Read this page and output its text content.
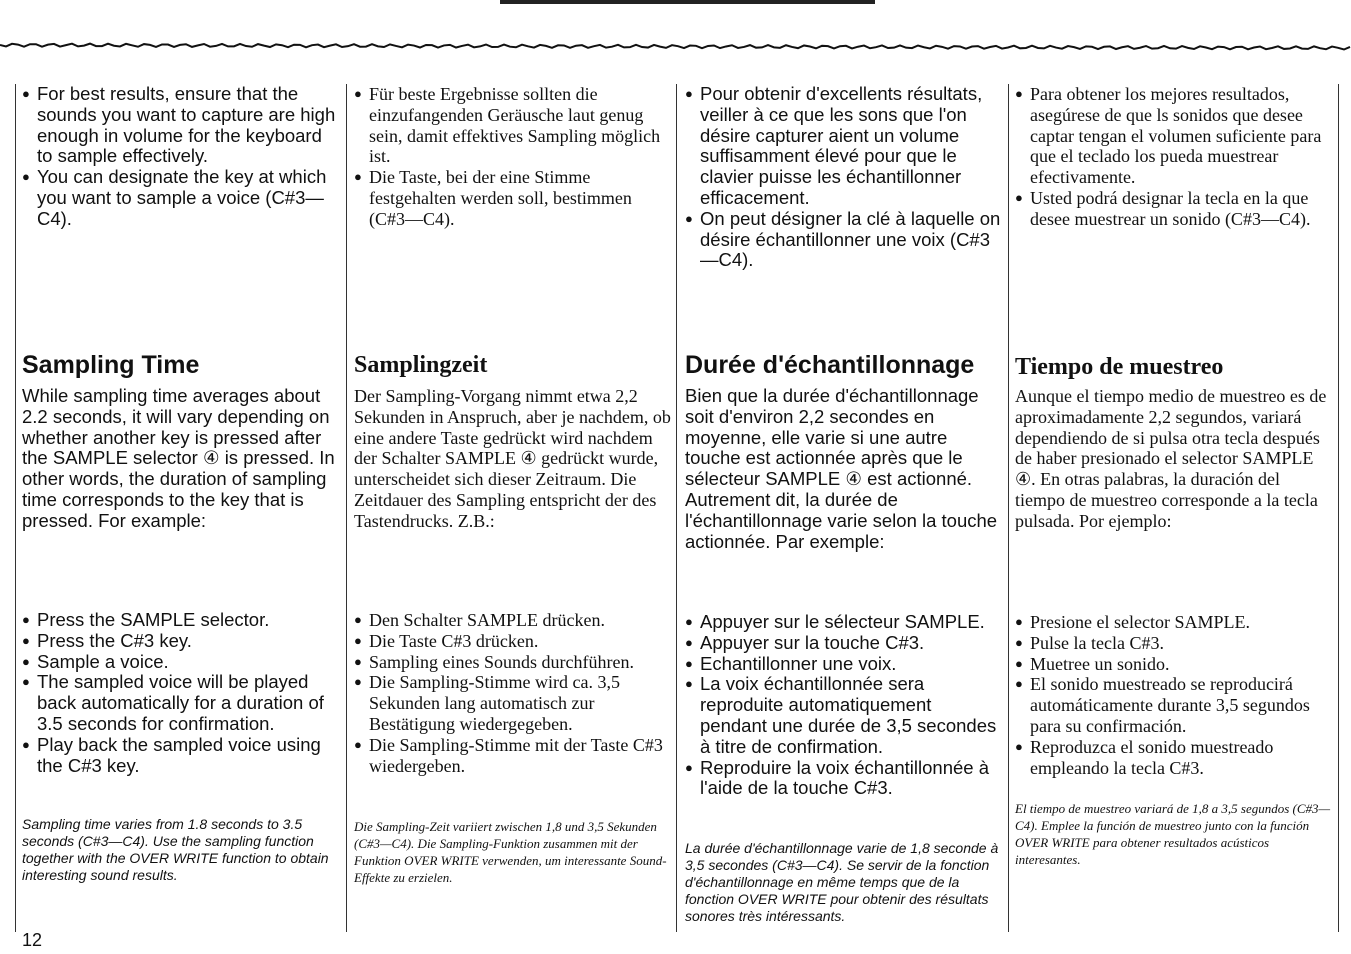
● For best results, ensure that the sounds you want to capture are high enough in volume for the keyboard to sample effectively.
● You can designate the key at which you want to sample a voice (C#3—C4).
Sampling Time
While sampling time averages about 2.2 seconds, it will vary depending on whether another key is pressed after the SAMPLE selector ④ is pressed. In other words, the duration of sampling time corresponds to the key that is pressed. For example:
● Press the SAMPLE selector.
● Press the C#3 key.
● Sample a voice.
● The sampled voice will be played back automatically for a duration of 3.5 seconds for confirmation.
● Play back the sampled voice using the C#3 key.
Sampling time varies from 1.8 seconds to 3.5 seconds (C#3—C4). Use the sampling function together with the OVER WRITE function to obtain interesting sound results.
● Für beste Ergebnisse sollten die einzufangenden Geräusche laut genug sein, damit effektives Sampling möglich ist.
● Die Taste, bei der eine Stimme festgehalten werden soll, bestimmen (C#3—C4).
Samplingzeit
Der Sampling-Vorgang nimmt etwa 2,2 Sekunden in Anspruch, aber je nachdem, ob eine andere Taste gedrückt wird nachdem der Schalter SAMPLE ④ gedrückt wurde, unterscheidet sich dieser Zeitraum. Die Zeitdauer des Sampling entspricht der des Tastendrucks. Z.B.:
● Den Schalter SAMPLE drücken.
● Die Taste C#3 drücken.
● Sampling eines Sounds durchführen.
● Die Sampling-Stimme wird ca. 3,5 Sekunden lang automatisch zur Bestätigung wiedergegeben.
● Die Sampling-Stimme mit der Taste C#3 wiedergeben.
Die Sampling-Zeit variiert zwischen 1,8 und 3,5 Sekunden (C#3—C4). Die Sampling-Funktion zusammen mit der Funktion OVER WRITE verwenden, um interessante Sound-Effekte zu erzielen.
● Pour obtenir d'excellents résultats, veiller à ce que les sons que l'on désire capturer aient un volume suffisamment élevé pour que le clavier puisse les échantillonner efficacement.
● On peut désigner la clé à laquelle on désire échantillonner une voix (C#3—C4).
Durée d'échantillonnage
Bien que la durée d'échantillonnage soit d'environ 2,2 secondes en moyenne, elle varie si une autre touche est actionnée après que le sélecteur SAMPLE ④ est actionné. Autrement dit, la durée de l'échantillonnage varie selon la touche actionnée. Par exemple:
● Appuyer sur le sélecteur SAMPLE.
● Appuyer sur la touche C#3.
● Echantillonner une voix.
● La voix échantillonnée sera reproduite automatiquement pendant une durée de 3,5 secondes à titre de confirmation.
● Reproduire la voix échantillonnée à l'aide de la touche C#3.
La durée d'échantillonnage varie de 1,8 seconde à 3,5 secondes (C#3—C4). Se servir de la fonction d'échantillonnage en même temps que de la fonction OVER WRITE pour obtenir des résultats sonores très intéressants.
● Para obtener los mejores resultados, asegúrese de que ls sonidos que desee captar tengan el volumen suficiente para que el teclado los pueda muestrear efectivamente.
● Usted podrá designar la tecla en la que desee muestrear un sonido (C#3—C4).
Tiempo de muestreo
Aunque el tiempo medio de muestreo es de aproximadamente 2,2 segundos, variará dependiendo de si pulsa otra tecla después de haber presionado el selector SAMPLE ④. En otras palabras, la duración del tiempo de muestreo corresponde a la tecla pulsada. Por ejemplo:
● Presione el selector SAMPLE.
● Pulse la tecla C#3.
● Muetree un sonido.
● El sonido muestreado se reproducirá automáticamente durante 3,5 segundos para su confirmación.
● Reproduzca el sonido muestreado empleando la tecla C#3.
El tiempo de muestreo variará de 1,8 a 3,5 segundos (C#3—C4). Emplee la función de muestreo junto con la función OVER WRITE para obtener resultados acústicos interesantes.
12
